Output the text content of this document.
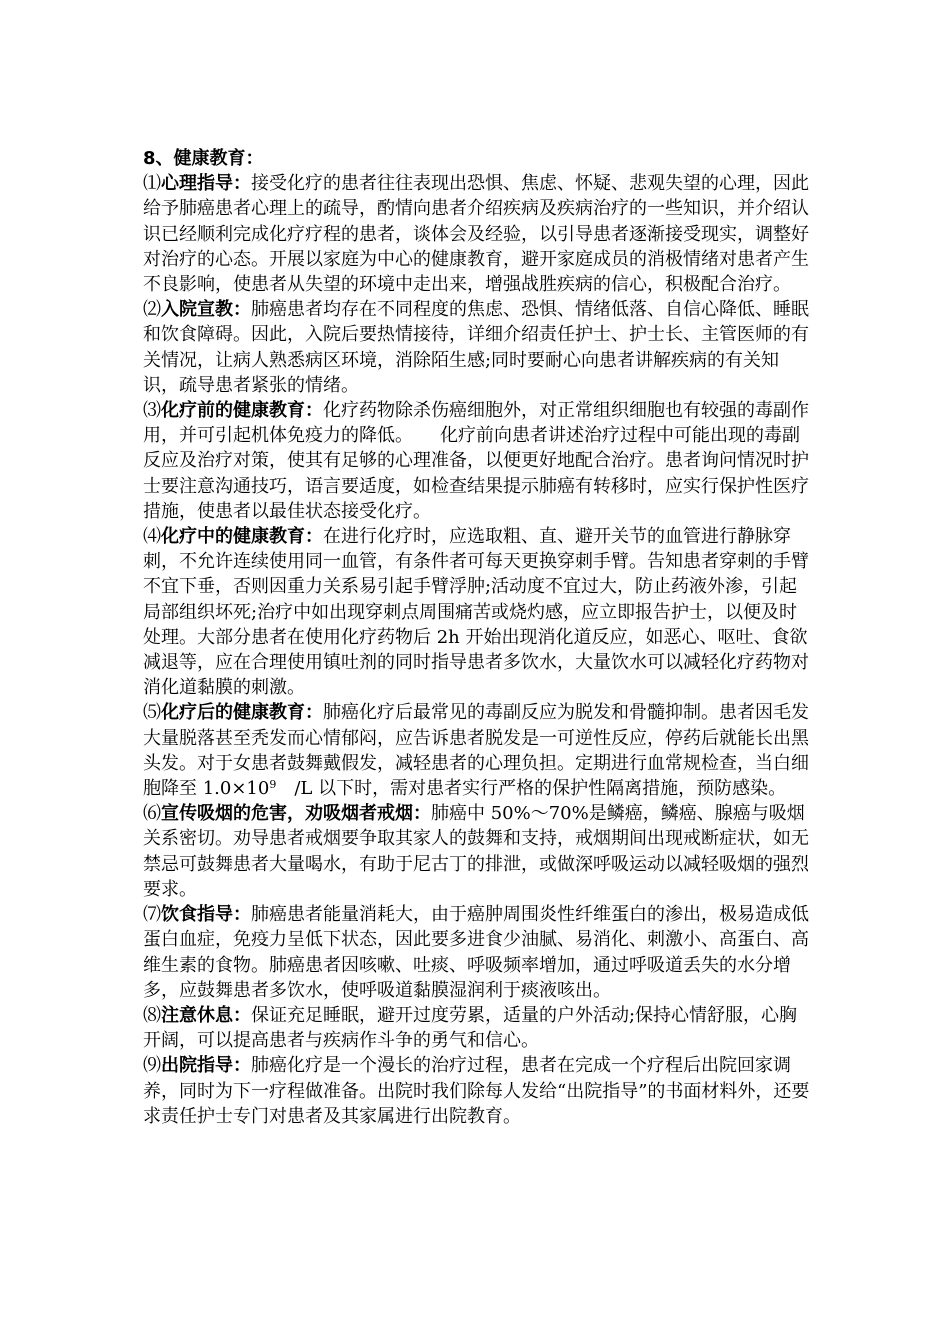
8、健康教育：

⑴心理指导：接受化疗的患者往往表现出恐惧、焦虑、怀疑、悲观失望的心理，因此给予肺癌患者心理上的疏导，酌情向患者介绍疾病及疾病治疗的一些知识，并介绍认识已经顺利完成化疗疗程的患者，谈体会及经验，以引导患者逐渐接受现实，调整好对治疗的心态。开展以家庭为中心的健康教育，避开家庭成员的消极情绪对患者产生不良影响，使患者从失望的环境中走出来，增强战胜疾病的信心，积极配合治疗。

⑵入院宣教：肺癌患者均存在不同程度的焦虑、恐惧、情绪低落、自信心降低、睡眠和饮食障碍。因此，入院后要热情接待，详细介绍责任护士、护士长、主管医师的有关情况，让病人熟悉病区环境，消除陌生感;同时要耐心向患者讲解疾病的有关知识，疏导患者紧张的情绪。

⑶化疗前的健康教育：化疗药物除杀伤癌细胞外，对正常组织细胞也有较强的毒副作用，并可引起机体免疫力的降低。　　化疗前向患者讲述治疗过程中可能出现的毒副反应及治疗对策，使其有足够的心理准备，以便更好地配合治疗。患者询问情况时护士要注意沟通技巧，语言要适度，如检查结果提示肺癌有转移时，应实行保护性医疗措施，使患者以最佳状态接受化疗。

⑷化疗中的健康教育：在进行化疗时，应选取粗、直、避开关节的血管进行静脉穿刺，不允许连续使用同一血管，有条件者可每天更换穿刺手臂。告知患者穿刺的手臂不宜下垂，否则因重力关系易引起手臂浮肿;活动度不宜过大，防止药液外渗，引起局部组织坏死;治疗中如出现穿刺点周围痛苦或烧灼感，应立即报告护士，以便及时处理。大部分患者在使用化疗药物后 2h 开始出现消化道反应，如恶心、呕吐、食欲减退等，应在合理使用镇吐剂的同时指导患者多饮水，大量饮水可以减轻化疗药物对消化道黏膜的刺激。

⑸化疗后的健康教育：肺癌化疗后最常见的毒副反应为脱发和骨髓抑制。患者因毛发大量脱落甚至秃发而心情郁闷，应告诉患者脱发是一可逆性反应，停药后就能长出黑头发。对于女患者鼓舞戴假发，减轻患者的心理负担。定期进行血常规检查，当白细胞降至 $1.0\times 10^9$　/L 以下时，需对患者实行严格的保护性隔离措施，预防感染。

⑹宣传吸烟的危害，劝吸烟者戒烟：肺癌中 50%～70%是鳞癌，鳞癌、腺癌与吸烟关系密切。劝导患者戒烟要争取其家人的鼓舞和支持，戒烟期间出现戒断症状，如无禁忌可鼓舞患者大量喝水，有助于尼古丁的排泄，或做深呼吸运动以减轻吸烟的强烈要求。

⑺饮食指导：肺癌患者能量消耗大，由于癌肿周围炎性纤维蛋白的渗出，极易造成低蛋白血症，免疫力呈低下状态，因此要多进食少油腻、易消化、刺激小、高蛋白、高维生素的食物。肺癌患者因咳嗽、吐痰、呼吸频率增加，通过呼吸道丢失的水分增多，应鼓舞患者多饮水，使呼吸道黏膜湿润利于痰液咳出。

⑻注意休息：保证充足睡眠，避开过度劳累，适量的户外活动;保持心情舒服，心胸开阔，可以提高患者与疾病作斗争的勇气和信心。

⑼出院指导：肺癌化疗是一个漫长的治疗过程，患者在完成一个疗程后出院回家调养，同时为下一疗程做准备。出院时我们除每人发给“出院指导”的书面材料外，还要求责任护士专门对患者及其家属进行出院教育。
